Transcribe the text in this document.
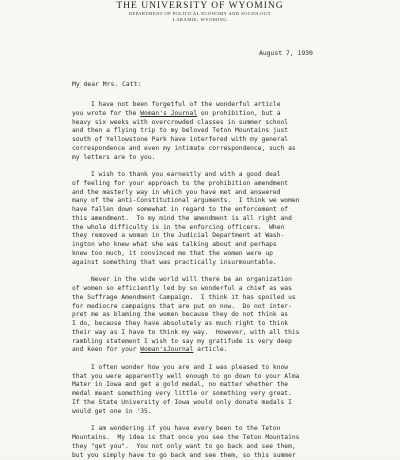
THE UNIVERSITY OF WYOMING
DEPARTMENT OF POLITICAL ECONOMY AND SOCIOLOGY
LARAMIE, WYOMING
August 7, 1930
My dear Mrs. Catt:
I have not been forgetful of the wonderful article
you wrote for the Woman's Journal on prohibition, but a
heavy six weeks with overcrowded classes in summer school
and then a flying trip to my beloved Teton Mountains just
south of Yellowstone Park have interfered with my general
correspondence and even my intimate correspondence, such as
my letters are to you.
I wish to thank you earnestly and with a good deal
of feeling for your approach to the prohibition amendment
and the masterly way in which you have met and answered
many of the anti-Constitutional arguments.  I think we women
have fallen down somewhat in regard to the enforcement of
this amendment.  To my mind the amendment is all right and
the whole difficulty is in the enforcing officers.  When
they removed a woman in the Judicial Department at Wash-
ington who knew what she was talking about and perhaps
knew too much, it convinced me that the women were up
against something that was practically insurmountable.
Never in the wide world will there be an organization
of women so efficiently led by so wonderful a chief as was
the Suffrage Amendment Campaign.  I think it has spoiled us
for mediocre campaigns that are put on now.  Do not inter-
pret me as blaming the women because they do not think as
I do, because they have absolutely as much right to think
their way as I have to think my way.  However, with all this
rambling statement I wish to say my gratifude is very deep
and keen for your Woman'sJournal article.
I often wonder how you are and I was pleased to know
that you were apparently well enough to go down to your Alma
Mater in Iowa and get a gold medal, no matter whether the
medal meant something very little or something very great.
If the State University of Iowa would only donate medals I
would get one in '35.
I am wondering if you have every been to the Teton
Mountains.  My idea is that once you see the Teton Mountains
they "get you".  You not only want to go back and see them,
but you simply have to go back and see them, so this summer
